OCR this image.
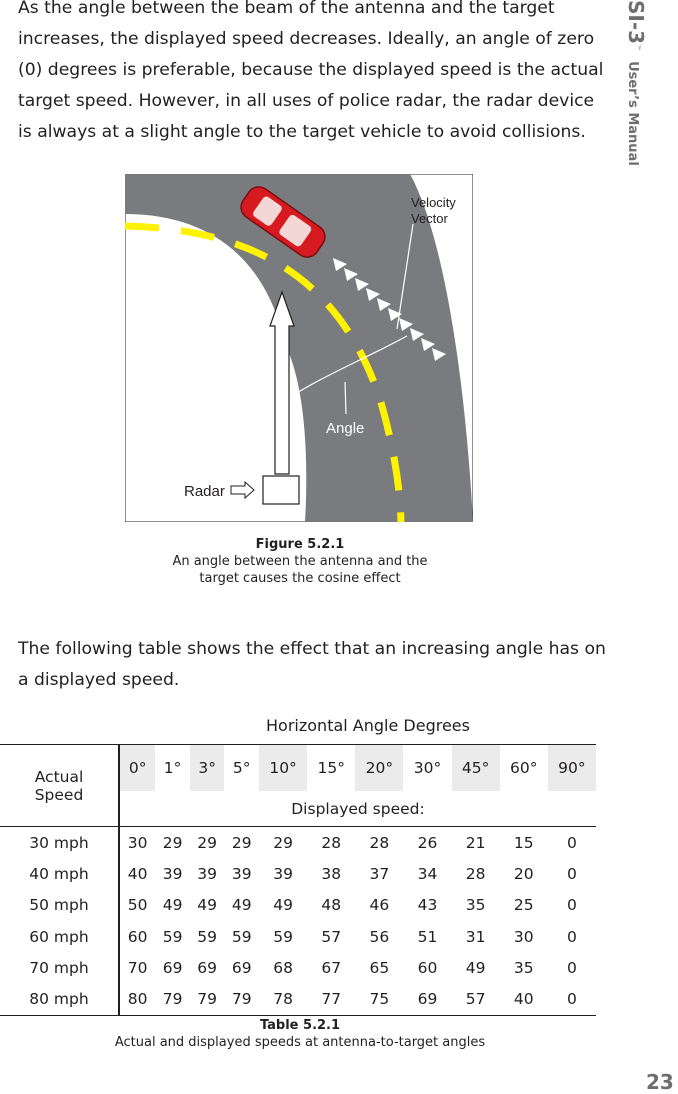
SI-3™User’s Manual

As the angle between the beam of the antenna and the target increases, the displayed speed decreases. Ideally, an angle of zero (0) degrees is preferable, because the displayed speed is the actual target speed. However, in all uses of police radar, the radar device is always at a slight angle to the target vehicle to avoid collisions.

Velocity
Vector
Angle
Radar
Figure 5.2.1
An angle between the antenna and the
target causes the cosine effect

The following table shows the effect that an increasing angle has on a displayed speed.

Horizontal Angle Degrees
Actual
Speed	0°	1°	3°	5°	10°	15°	20°	30°	45°	60°	90°
	Displayed speed:										
30 mph	30	29	29	29	29	28	28	26	21	15	0
40 mph	40	39	39	39	39	38	37	34	28	20	0
50 mph	50	49	49	49	49	48	46	43	35	25	0
60 mph	60	59	59	59	59	57	56	51	31	30	0
70 mph	70	69	69	69	68	67	65	60	49	35	0
80 mph	80	79	79	79	78	77	75	69	57	40	0
Table 5.2.1
Actual and displayed speeds at antenna-to-target angles
23
